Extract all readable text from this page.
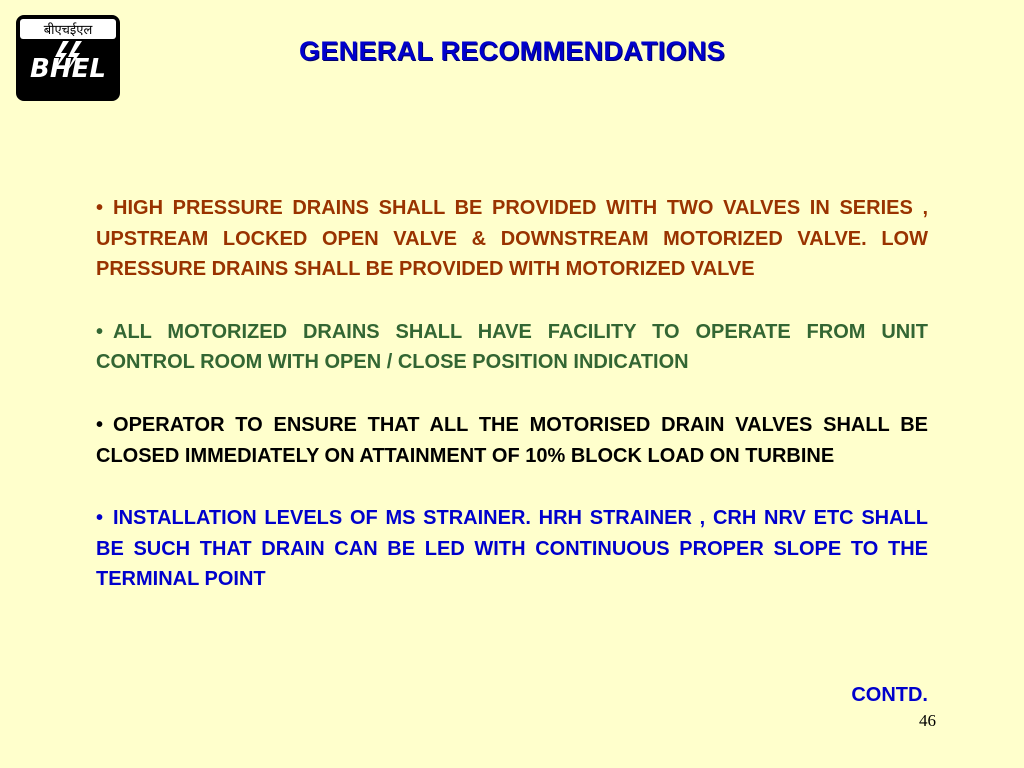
बीएचईएल
BHEL
GENERAL RECOMMENDATIONS

• HIGH PRESSURE DRAINS SHALL BE PROVIDED WITH TWO VALVES IN SERIES , UPSTREAM LOCKED OPEN VALVE & DOWNSTREAM MOTORIZED VALVE. LOW PRESSURE DRAINS SHALL BE PROVIDED WITH MOTORIZED VALVE

• ALL MOTORIZED DRAINS SHALL HAVE FACILITY TO OPERATE FROM UNIT CONTROL ROOM WITH OPEN / CLOSE POSITION INDICATION

• OPERATOR TO ENSURE THAT ALL THE MOTORISED DRAIN VALVES SHALL BE CLOSED IMMEDIATELY ON ATTAINMENT OF 10% BLOCK LOAD ON TURBINE

• INSTALLATION LEVELS OF MS STRAINER. HRH STRAINER , CRH NRV ETC SHALL BE SUCH THAT DRAIN CAN BE LED WITH CONTINUOUS PROPER SLOPE TO THE TERMINAL POINT

CONTD.
46
